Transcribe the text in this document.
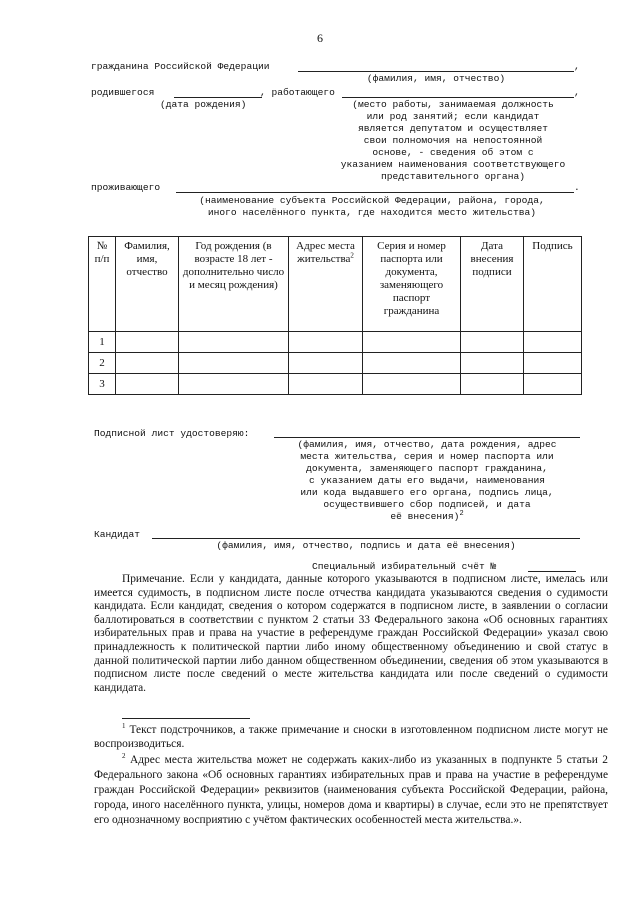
6
гражданина Российской Федерации	,
(фамилия, имя, отчество)
родившегося	, работающего	,
(дата рождения)	(место работы, занимаемая должность
или род занятий; если кандидат
является депутатом и осуществляет
свои полномочия на непостоянной
основе, - сведения об этом с
указанием наименования соответствующего
представительного органа)
проживающего	.
(наименование субъекта Российской Федерации, района, города,
иного населённого пункта, где находится место жительства)
№ п/п	Фамилия, имя, отчество	Год рождения (в возрасте 18 лет - дополнительно число и месяц рождения)	Адрес места жительства$^2$	Серия и номер паспорта или документа, заменяющего паспорт гражданина	Дата внесения подписи	Подпись
1						
2						
3						
Подписной лист удостоверяю:
(фамилия, имя, отчество, дата рождения, адрес
места жительства, серия и номер паспорта или
документа, заменяющего паспорт гражданина,
с указанием даты его выдачи, наименования
или кода выдавшего его органа, подпись лица,
осуществившего сбор подписей, и дата
её внесения)$^2$
Кандидат
(фамилия, имя, отчество, подпись и дата её внесения)
Специальный избирательный счёт №
Примечание. Если у кандидата, данные которого указываются в подписном листе, имелась или имеется судимость, в подписном листе после отчества кандидата указываются сведения о судимости кандидата. Если кандидат, сведения о котором содержатся в подписном листе, в заявлении о согласии баллотироваться в соответствии с пунктом 2 статьи 33 Федерального закона «Об основных гарантиях избирательных прав и права на участие в референдуме граждан Российской Федерации» указал свою принадлежность к политической партии либо иному общественному объединению и свой статус в данной политической партии либо данном общественном объединении, сведения об этом указываются в подписном листе после сведений о месте жительства кандидата или после сведений о судимости кандидата.
$^1$ Текст подстрочников, а также примечание и сноски в изготовленном подписном листе могут не воспроизводиться.
$^2$ Адрес места жительства может не содержать каких-либо из указанных в подпункте 5 статьи 2 Федерального закона «Об основных гарантиях избирательных прав и права на участие в референдуме граждан Российской Федерации» реквизитов (наименования субъекта Российской Федерации, района, города, иного населённого пункта, улицы, номеров дома и квартиры) в случае, если это не препятствует его однозначному восприятию с учётом фактических особенностей места жительства.».
